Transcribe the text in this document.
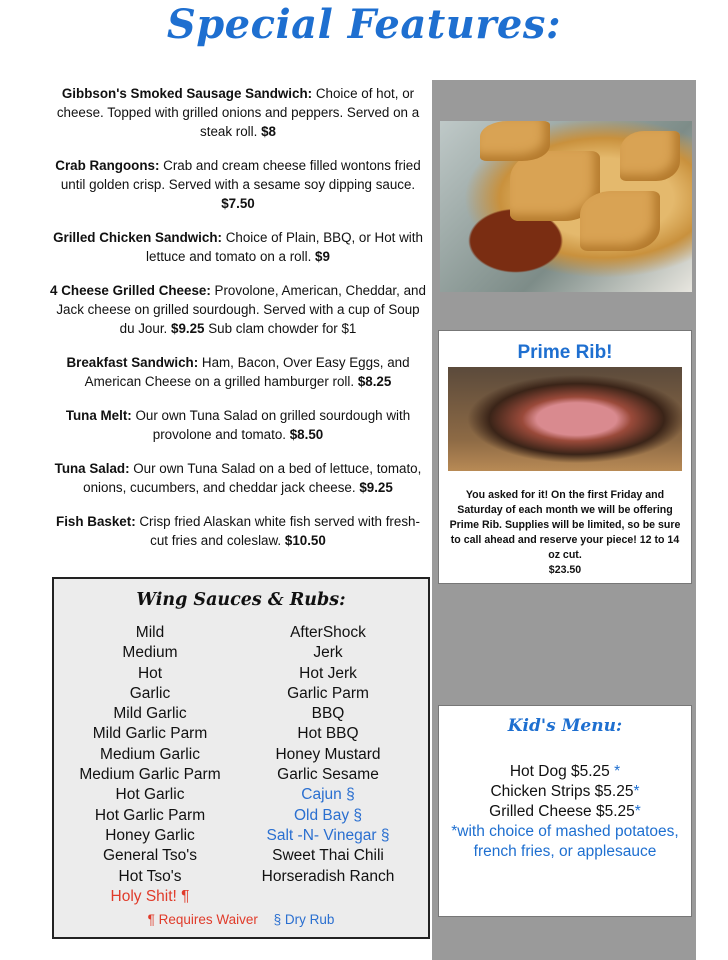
Special Features:
Gibbson's Smoked Sausage Sandwich: Choice of hot, or cheese. Topped with grilled onions and peppers. Served on a steak roll. $8
Crab Rangoons: Crab and cream cheese filled wontons fried until golden crisp. Served with a sesame soy dipping sauce. $7.50
Grilled Chicken Sandwich: Choice of Plain, BBQ, or Hot with lettuce and tomato on a roll. $9
4 Cheese Grilled Cheese: Provolone, American, Cheddar, and Jack cheese on grilled sourdough. Served with a cup of Soup du Jour. $9.25 Sub clam chowder for $1
Breakfast Sandwich: Ham, Bacon, Over Easy Eggs, and American Cheese on a grilled hamburger roll. $8.25
Tuna Melt: Our own Tuna Salad on grilled sourdough with provolone and tomato. $8.50
Tuna Salad: Our own Tuna Salad on a bed of lettuce, tomato, onions, cucumbers, and cheddar jack cheese. $9.25
Fish Basket: Crisp fried Alaskan white fish served with fresh-cut fries and coleslaw. $10.50
Prime Rib!
You asked for it! On the first Friday and Saturday of each month we will be offering Prime Rib. Supplies will be limited, so be sure to call ahead and reserve your piece! 12 to 14 oz cut.
$23.50
Wing Sauces & Rubs:
Mild
Medium
Hot
Garlic
Mild Garlic
Mild Garlic Parm
Medium Garlic
Medium Garlic Parm
Hot Garlic
Hot Garlic Parm
Honey Garlic
General Tso's
Hot Tso's
Holy Shit! ¶
AfterShock
Jerk
Hot Jerk
Garlic Parm
BBQ
Hot BBQ
Honey Mustard
Garlic Sesame
Cajun §
Old Bay §
Salt -N- Vinegar §
Sweet Thai Chili
Horseradish Ranch
¶ Requires Waiver § Dry Rub
Kid's Menu:
Hot Dog $5.25 *
Chicken Strips $5.25*
Grilled Cheese $5.25*
*with choice of mashed potatoes, french fries, or applesauce
